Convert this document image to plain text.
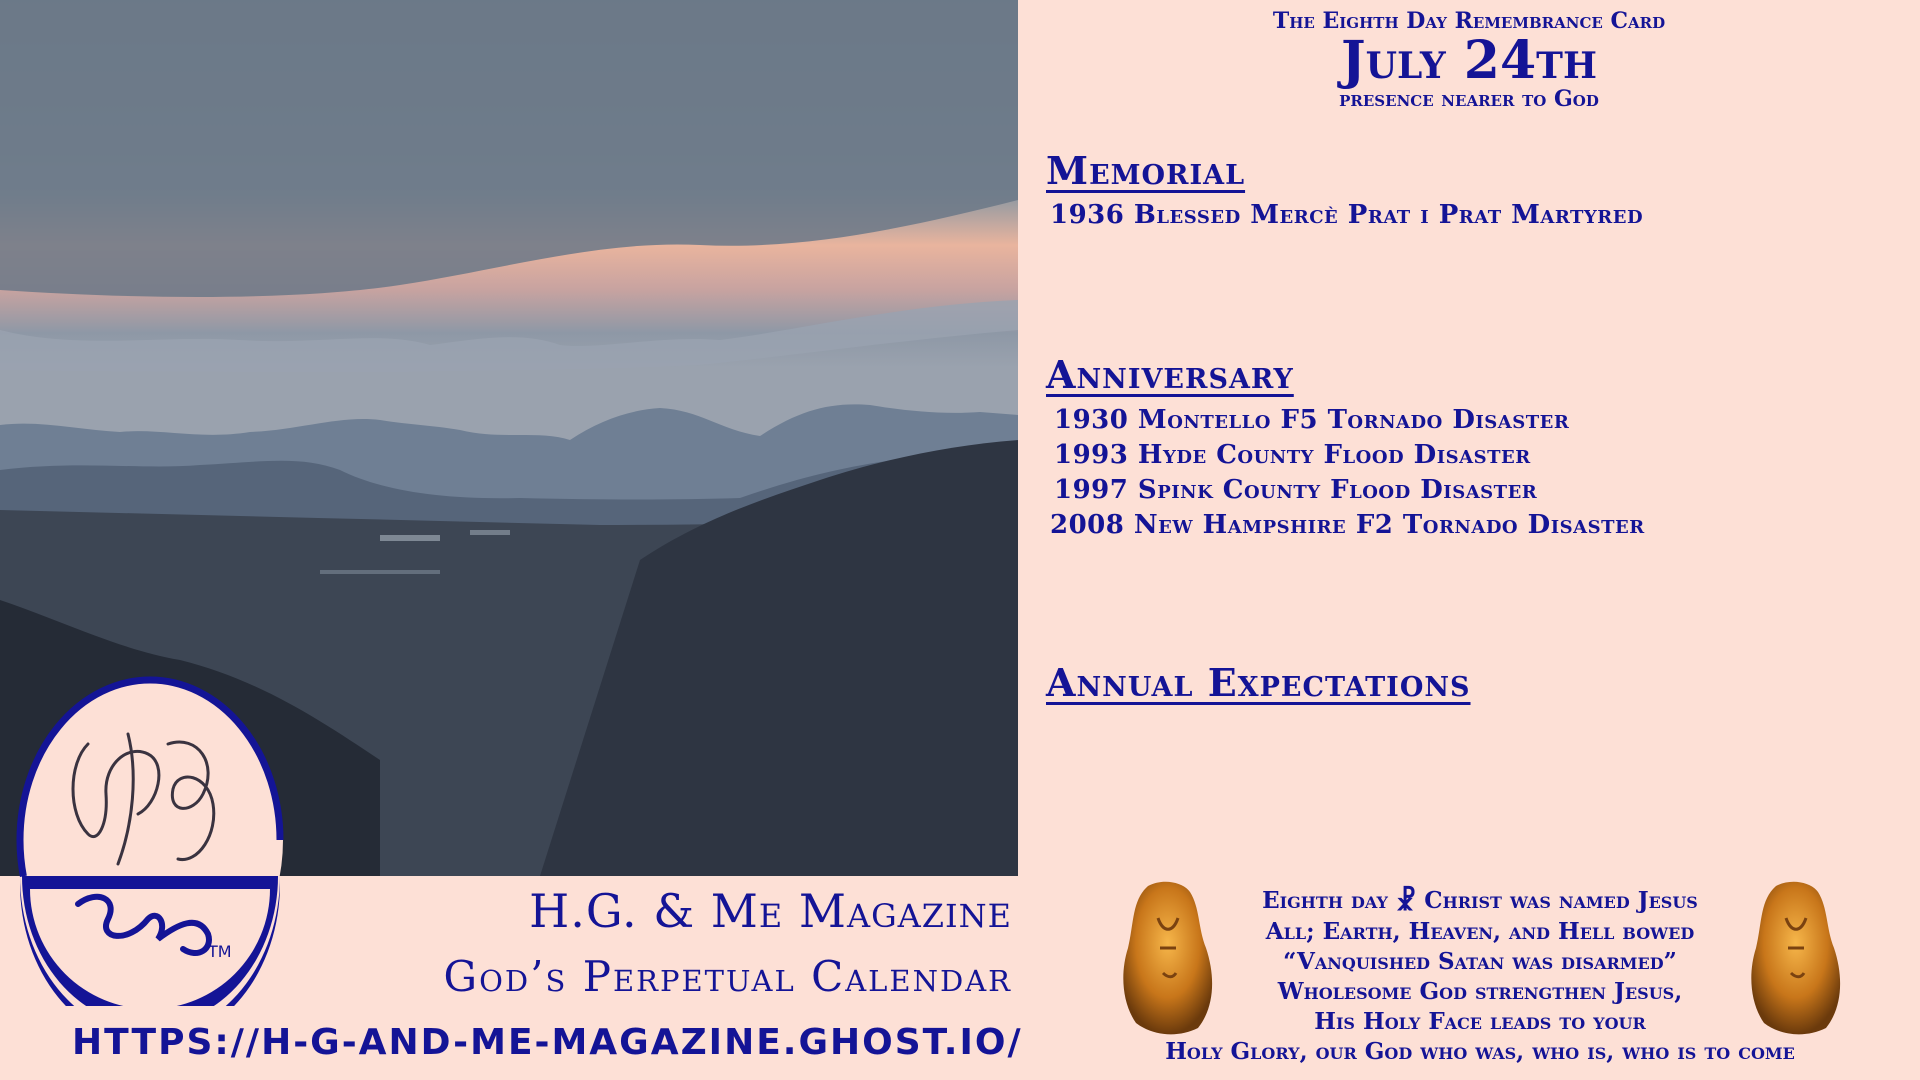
TM
H.G. & Me Magazine
God’s Perpetual Calendar
HTTPS://H-G-AND-ME-MAGAZINE.GHOST.IO/
The Eighth Day Remembrance Card
July 24th
presence nearer to God
Memorial
1936 Blessed Mercè Prat i Prat Martyred
Anniversary
1930 Montello F5 Tornado Disaster
1993 Hyde County Flood Disaster
1997 Spink County Flood Disaster
2008 New Hampshire F2 Tornado Disaster
Annual Expectations
Eighth day ☧ Christ was named Jesus
All; Earth, Heaven, and Hell bowed
“Vanquished Satan was disarmed”
Wholesome God strengthen Jesus,
His Holy Face leads to your
Holy Glory, our God who was, who is, who is to come
